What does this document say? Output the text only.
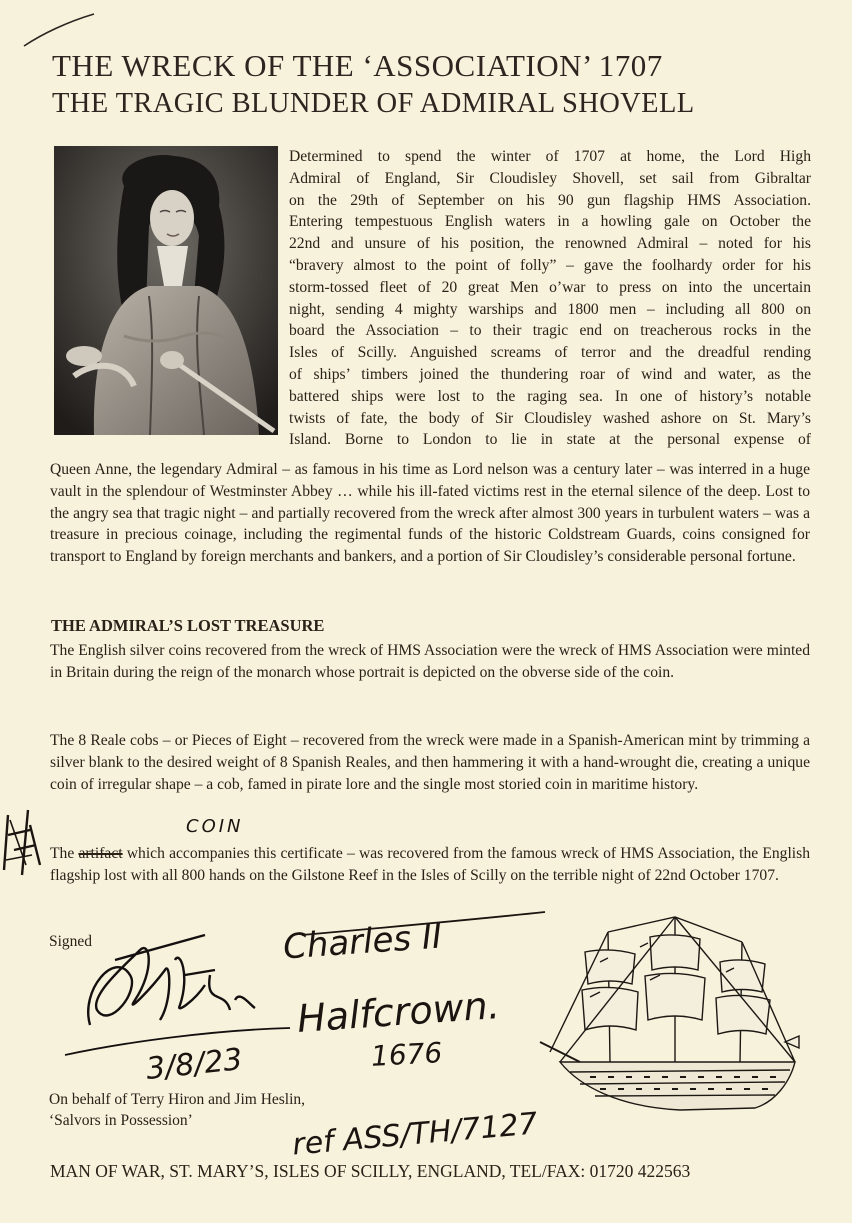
THE WRECK OF THE ‘ASSOCIATION’ 1707
THE TRAGIC BLUNDER OF ADMIRAL SHOVELL
Determined to spend the winter of 1707 at home, the Lord High
Admiral of England, Sir Cloudisley Shovell, set sail from Gibraltar
on the 29th of September on his 90 gun flagship HMS Association.
Entering tempestuous English waters in a howling gale on October the
22nd and unsure of his position, the renowned Admiral – noted for his
“bravery almost to the point of folly” – gave the foolhardy order for his
storm-tossed fleet of 20 great Men o’war to press on into the uncertain
night, sending 4 mighty warships and 1800 men – including all 800 on
board the Association – to their tragic end on treacherous rocks in the
Isles of Scilly. Anguished screams of terror and the dreadful rending
of ships’ timbers joined the thundering roar of wind and water, as the
battered ships were lost to the raging sea. In one of history’s notable
twists of fate, the body of Sir Cloudisley washed ashore on St. Mary’s
Island. Borne to London to lie in state at the personal expense of
Queen Anne, the legendary Admiral – as famous in his time as Lord nelson was a century later – was interred in a huge vault in the splendour of Westminster Abbey … while his ill-fated victims rest in the eternal silence of the deep. Lost to the angry sea that tragic night – and partially recovered from the wreck after almost 300 years in turbulent waters – was a treasure in precious coinage, including the regimental funds of the historic Coldstream Guards, coins consigned for transport to England by foreign merchants and bankers, and a portion of Sir Cloudisley’s considerable personal fortune.
THE ADMIRAL’S LOST TREASURE
The English silver coins recovered from the wreck of HMS Association were the wreck of HMS Association were minted in Britain during the reign of the monarch whose portrait is depicted on the obverse side of the coin.
The 8 Reale cobs – or Pieces of Eight – recovered from the wreck were made in a Spanish-American mint by trimming a silver blank to the desired weight of 8 Spanish Reales, and then hammering it with a hand-wrought die, creating a unique coin of irregular shape – a cob, famed in pirate lore and the single most storied coin in maritime history.
The artifact which accompanies this certificate – was recovered from the famous wreck of HMS Association, the English flagship lost with all 800 hands on the Gilstone Reef in the Isles of Scilly on the terrible night of 22nd October 1707.
COIN
Signed	Charles II
Halfcrown.
1676
3/8/23
On behalf of Terry Hiron and Jim Heslin,
‘Salvors in Possession’	ref ASS/TH/7127
MAN OF WAR, ST. MARY’S, ISLES OF SCILLY, ENGLAND, TEL/FAX: 01720 422563
